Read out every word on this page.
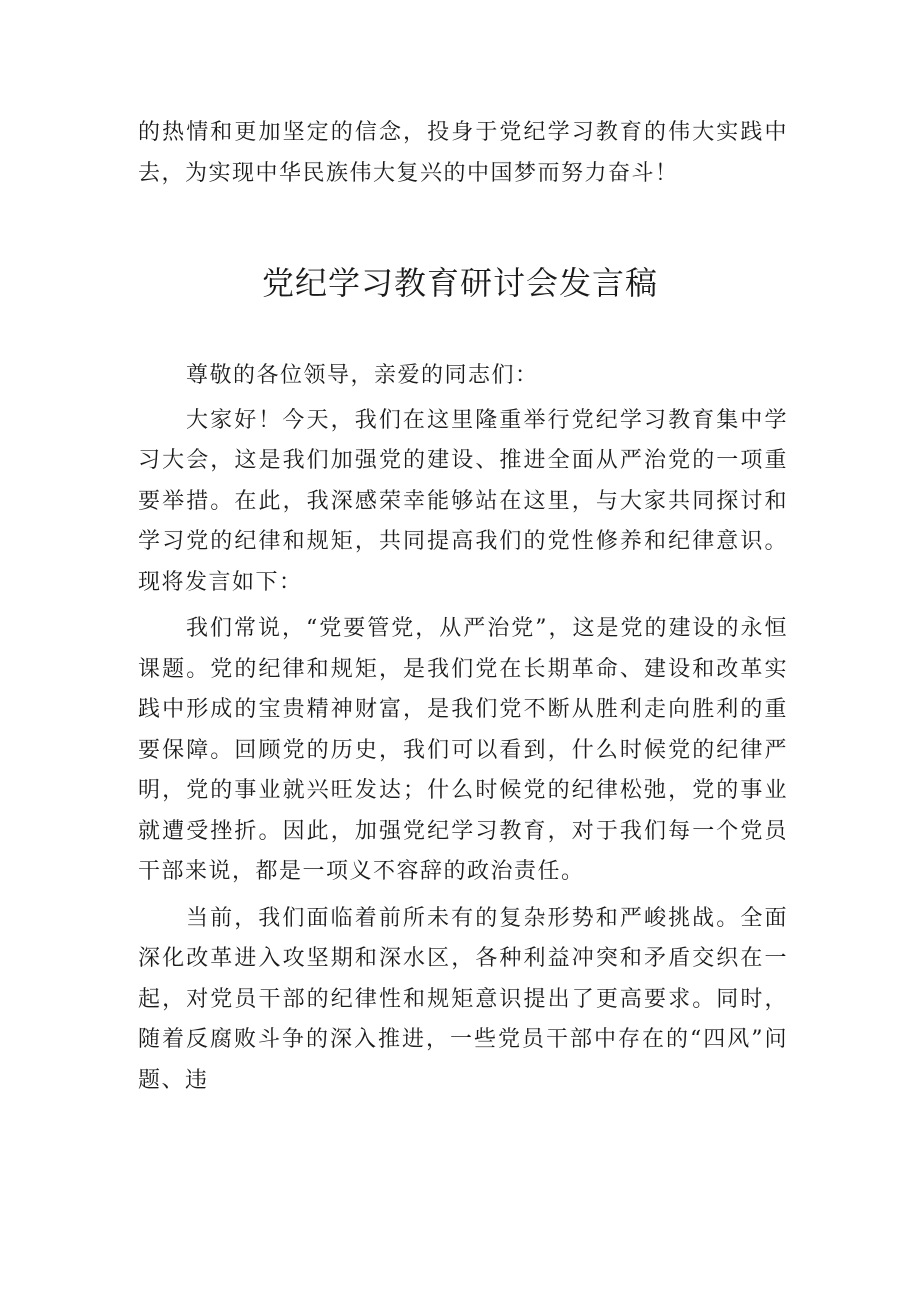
的热情和更加坚定的信念，投身于党纪学习教育的伟大实践中去，为实现中华民族伟大复兴的中国梦而努力奋斗！

党纪学习教育研讨会发言稿

尊敬的各位领导，亲爱的同志们：

大家好！今天，我们在这里隆重举行党纪学习教育集中学习大会，这是我们加强党的建设、推进全面从严治党的一项重要举措。在此，我深感荣幸能够站在这里，与大家共同探讨和学习党的纪律和规矩，共同提高我们的党性修养和纪律意识。现将发言如下：

我们常说，“党要管党，从严治党”，这是党的建设的永恒课题。党的纪律和规矩，是我们党在长期革命、建设和改革实践中形成的宝贵精神财富，是我们党不断从胜利走向胜利的重要保障。回顾党的历史，我们可以看到，什么时候党的纪律严明，党的事业就兴旺发达；什么时候党的纪律松弛，党的事业就遭受挫折。因此，加强党纪学习教育，对于我们每一个党员干部来说，都是一项义不容辞的政治责任。

当前，我们面临着前所未有的复杂形势和严峻挑战。全面深化改革进入攻坚期和深水区，各种利益冲突和矛盾交织在一起，对党员干部的纪律性和规矩意识提出了更高要求。同时，随着反腐败斗争的深入推进，一些党员干部中存在的“四风”问题、违
